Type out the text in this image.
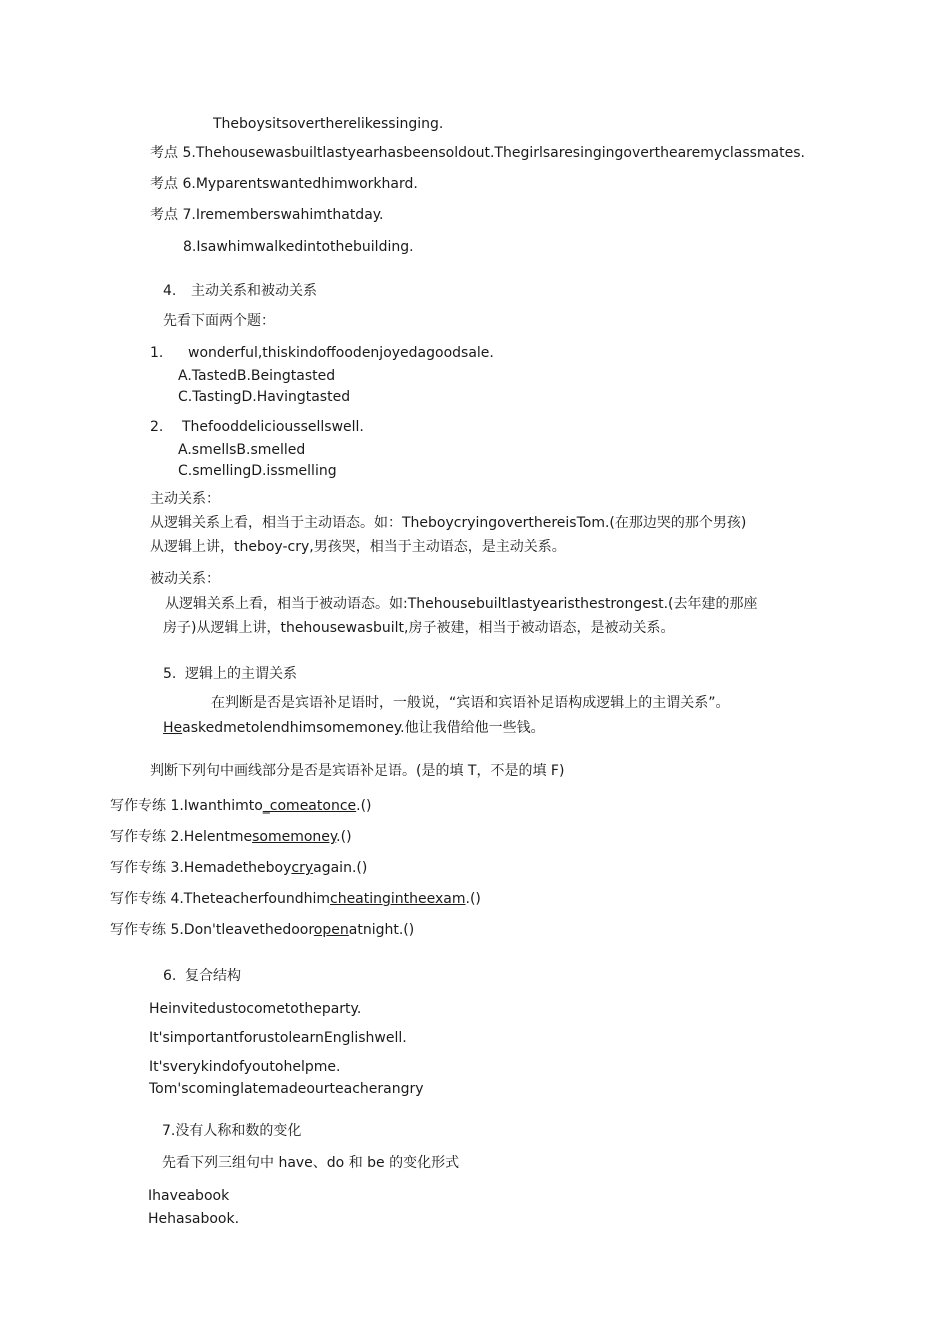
Theboysitsovertherelikessinging.
考点 5.Thehousewasbuiltlastyearhasbeensoldout.Thegirlsaresingingoverthearemyclassmates.
考点 6.Myparentswantedhimworkhard.
考点 7.Irememberswahimthatday.
8.Isawhimwalkedintothebuilding.
4. 主动关系和被动关系
先看下面两个题：
1. wonderful,thiskindoffoodenjoyedagoodsale.
A.TastedB.Beingtasted
C.TastingD.Havingtasted
2. Thefooddelicioussellswell.
A.smellsB.smelled
C.smellingD.issmelling
主动关系：
从逻辑关系上看，相当于主动语态。如：TheboycryingoverthereisTom.(在那边哭的那个男孩)
从逻辑上讲，theboy-cry,男孩哭，相当于主动语态，是主动关系。
被动关系：
从逻辑关系上看，相当于被动语态。如:Thehousebuiltlastyearisthestrongest.(去年建的那座
房子)从逻辑上讲，thehousewasbuilt,房子被建，相当于被动语态，是被动关系。
5. 逻辑上的主谓关系
在判断是否是宾语补足语时，一般说，“宾语和宾语补足语构成逻辑上的主谓关系”。
Heaskedmetolendhimsomemoney.他让我借给他一些钱。
判断下列句中画线部分是否是宾语补足语。(是的填 T，不是的填 F)
写作专练 1.Iwanthimto_comeatonce.()
写作专练 2.Helentmesomemoney.()
写作专练 3.Hemadetheboycryagain.()
写作专练 4.Theteacherfoundhimcheatingintheexam.()
写作专练 5.Don'tleavethedooropenatnight.()
6. 复合结构
Heinvitedustocometotheparty.
It'simportantforustolearnEnglishwell.
It'sverykindofyoutohelpme.
Tom'scominglatemadeourteacherangry
7.没有人称和数的变化
先看下列三组句中 have、do 和 be 的变化形式
Ihaveabook
Hehasabook.
